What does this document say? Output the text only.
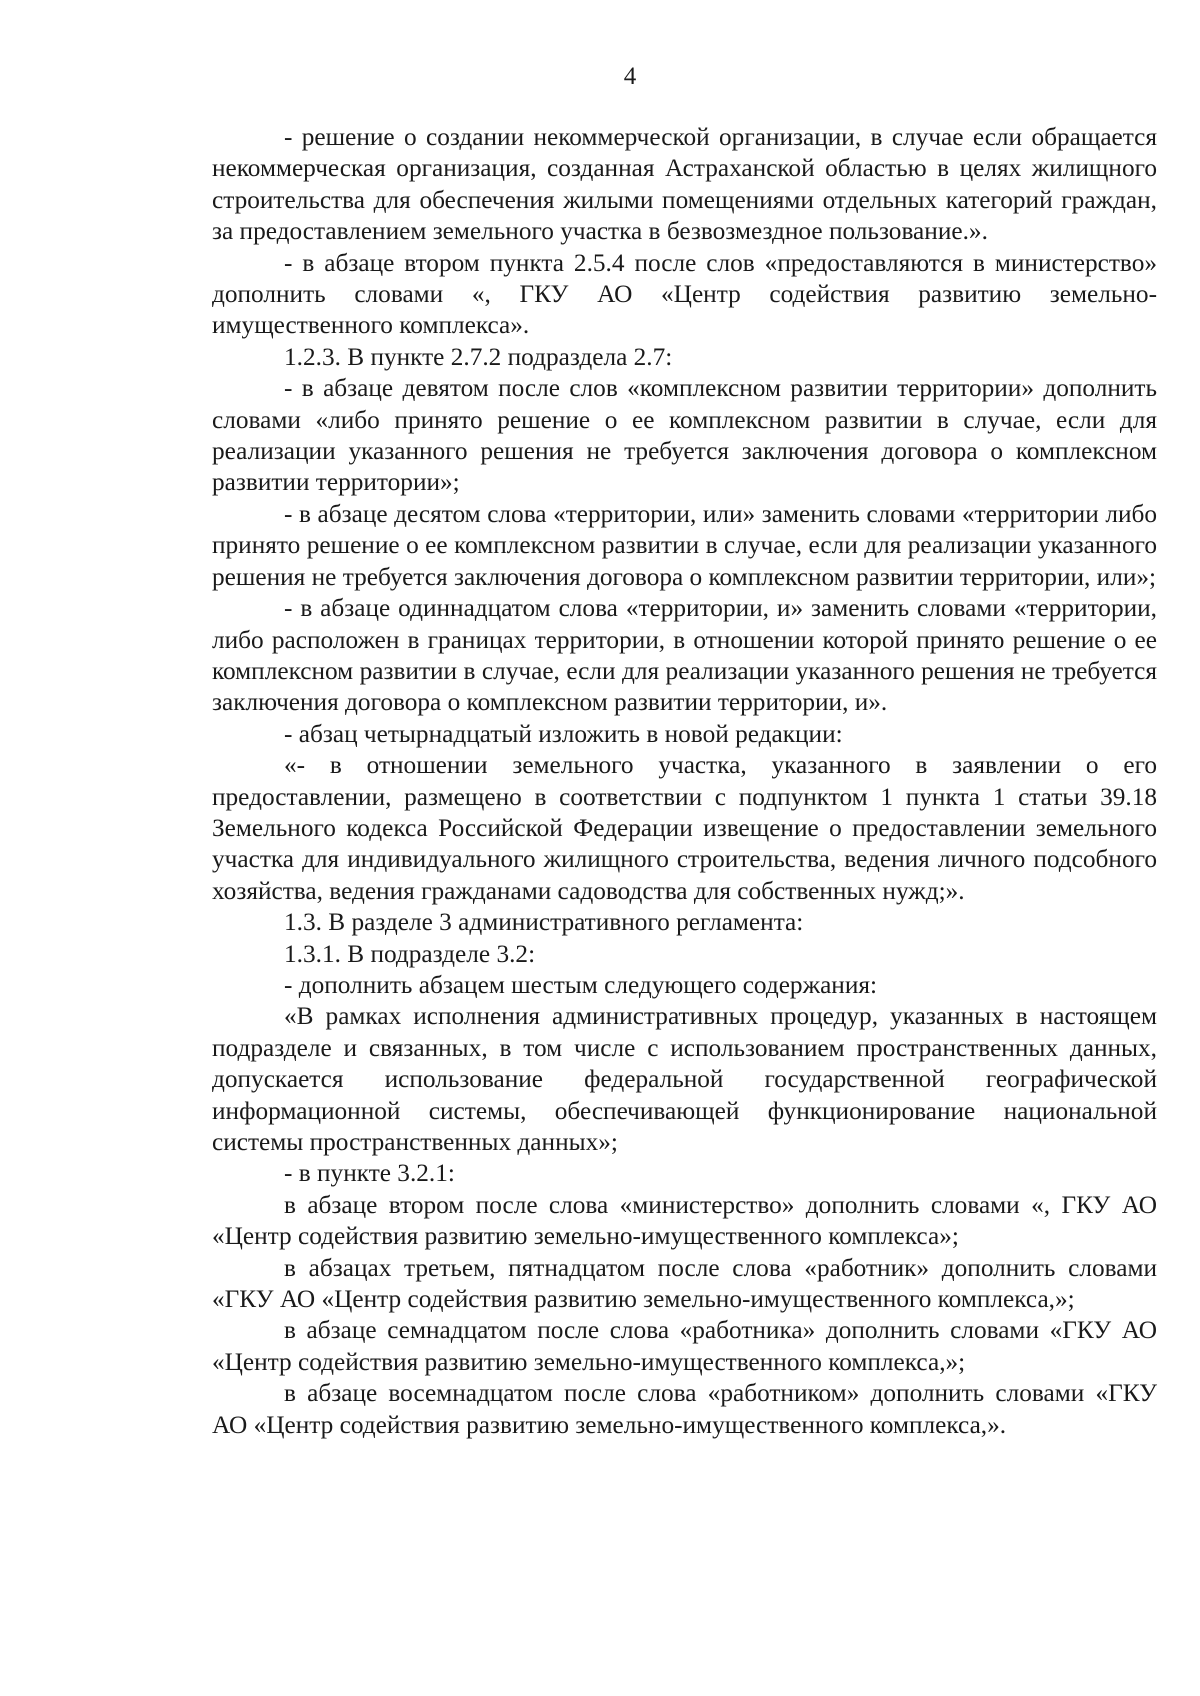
4

- решение о создании некоммерческой организации, в случае если обращается некоммерческая организация, созданная Астраханской областью в целях жилищного строительства для обеспечения жилыми помещениями отдельных категорий граждан, за предоставлением земельного участка в безвозмездное пользование.».

- в абзаце втором пункта 2.5.4 после слов «предоставляются в министерство» дополнить словами «, ГКУ АО «Центр содействия развитию земельно-имущественного комплекса».

1.2.3. В пункте 2.7.2 подраздела 2.7:

- в абзаце девятом после слов «комплексном развитии территории» дополнить словами «либо принято решение о ее комплексном развитии в случае, если для реализации указанного решения не требуется заключения договора о комплексном развитии территории»;

- в абзаце десятом слова «территории, или» заменить словами «территории либо принято решение о ее комплексном развитии в случае, если для реализации указанного решения не требуется заключения договора о комплексном развитии территории, или»;

- в абзаце одиннадцатом слова «территории, и» заменить словами «территории, либо расположен в границах территории, в отношении которой принято решение о ее комплексном развитии в случае, если для реализации указанного решения не требуется заключения договора о комплексном развитии территории, и».

- абзац четырнадцатый изложить в новой редакции:

«- в отношении земельного участка, указанного в заявлении о его предоставлении, размещено в соответствии с подпунктом 1 пункта 1 статьи 39.18 Земельного кодекса Российской Федерации извещение о предоставлении земельного участка для индивидуального жилищного строительства, ведения личного подсобного хозяйства, ведения гражданами садоводства для собственных нужд;».

1.3. В разделе 3 административного регламента:

1.3.1. В подразделе 3.2:

- дополнить абзацем шестым следующего содержания:

«В рамках исполнения административных процедур, указанных в настоящем подразделе и связанных, в том числе с использованием пространственных данных, допускается использование федеральной государственной географической информационной системы, обеспечивающей функционирование национальной системы пространственных данных»;

- в пункте 3.2.1:

в абзаце втором после слова «министерство» дополнить словами «, ГКУ АО «Центр содействия развитию земельно-имущественного комплекса»;

в абзацах третьем, пятнадцатом после слова «работник» дополнить словами «ГКУ АО «Центр содействия развитию земельно-имущественного комплекса,»;

в абзаце семнадцатом после слова «работника» дополнить словами «ГКУ АО «Центр содействия развитию земельно-имущественного комплекса,»;

в абзаце восемнадцатом после слова «работником» дополнить словами «ГКУ АО «Центр содействия развитию земельно-имущественного комплекса,».
